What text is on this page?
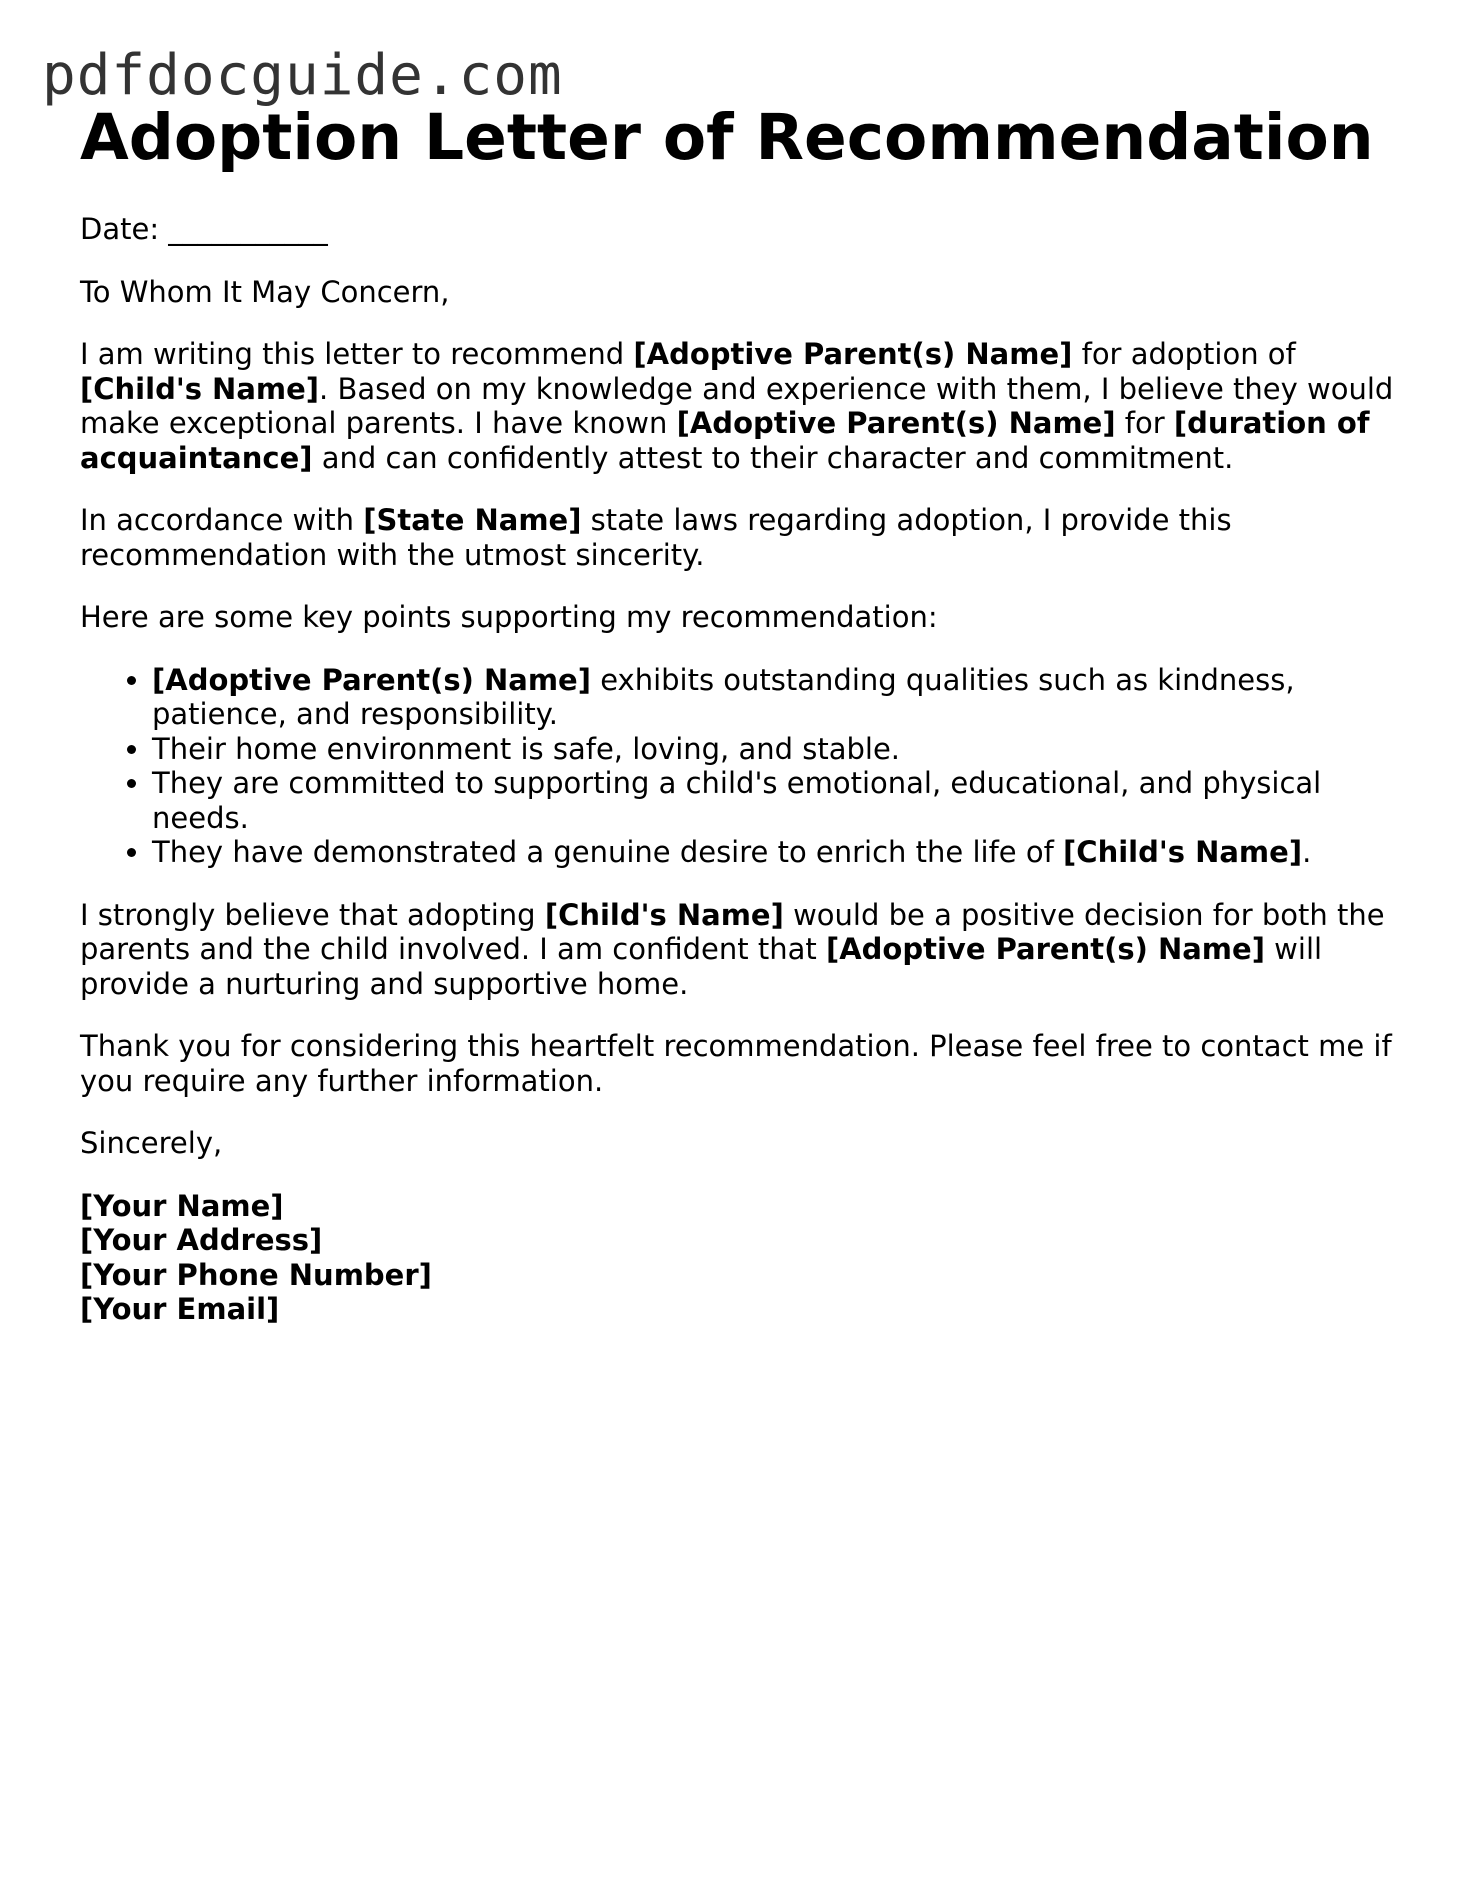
pdfdocguide.com
Adoption Letter of Recommendation

Date: ___________

To Whom It May Concern,

I am writing this letter to recommend [Adoptive Parent(s) Name] for adoption of [Child's Name]. Based on my knowledge and experience with them, I believe they would make exceptional parents. I have known [Adoptive Parent(s) Name] for [duration of acquaintance] and can confidently attest to their character and commitment.

In accordance with [State Name] state laws regarding adoption, I provide this recommendation with the utmost sincerity.

Here are some key points supporting my recommendation:

• [Adoptive Parent(s) Name] exhibits outstanding qualities such as kindness, patience, and responsibility.
• Their home environment is safe, loving, and stable.
• They are committed to supporting a child's emotional, educational, and physical needs.
• They have demonstrated a genuine desire to enrich the life of [Child's Name].

I strongly believe that adopting [Child's Name] would be a positive decision for both the parents and the child involved. I am confident that [Adoptive Parent(s) Name] will provide a nurturing and supportive home.

Thank you for considering this heartfelt recommendation. Please feel free to contact me if you require any further information.

Sincerely,

[Your Name]

[Your Address]

[Your Phone Number]

[Your Email]
